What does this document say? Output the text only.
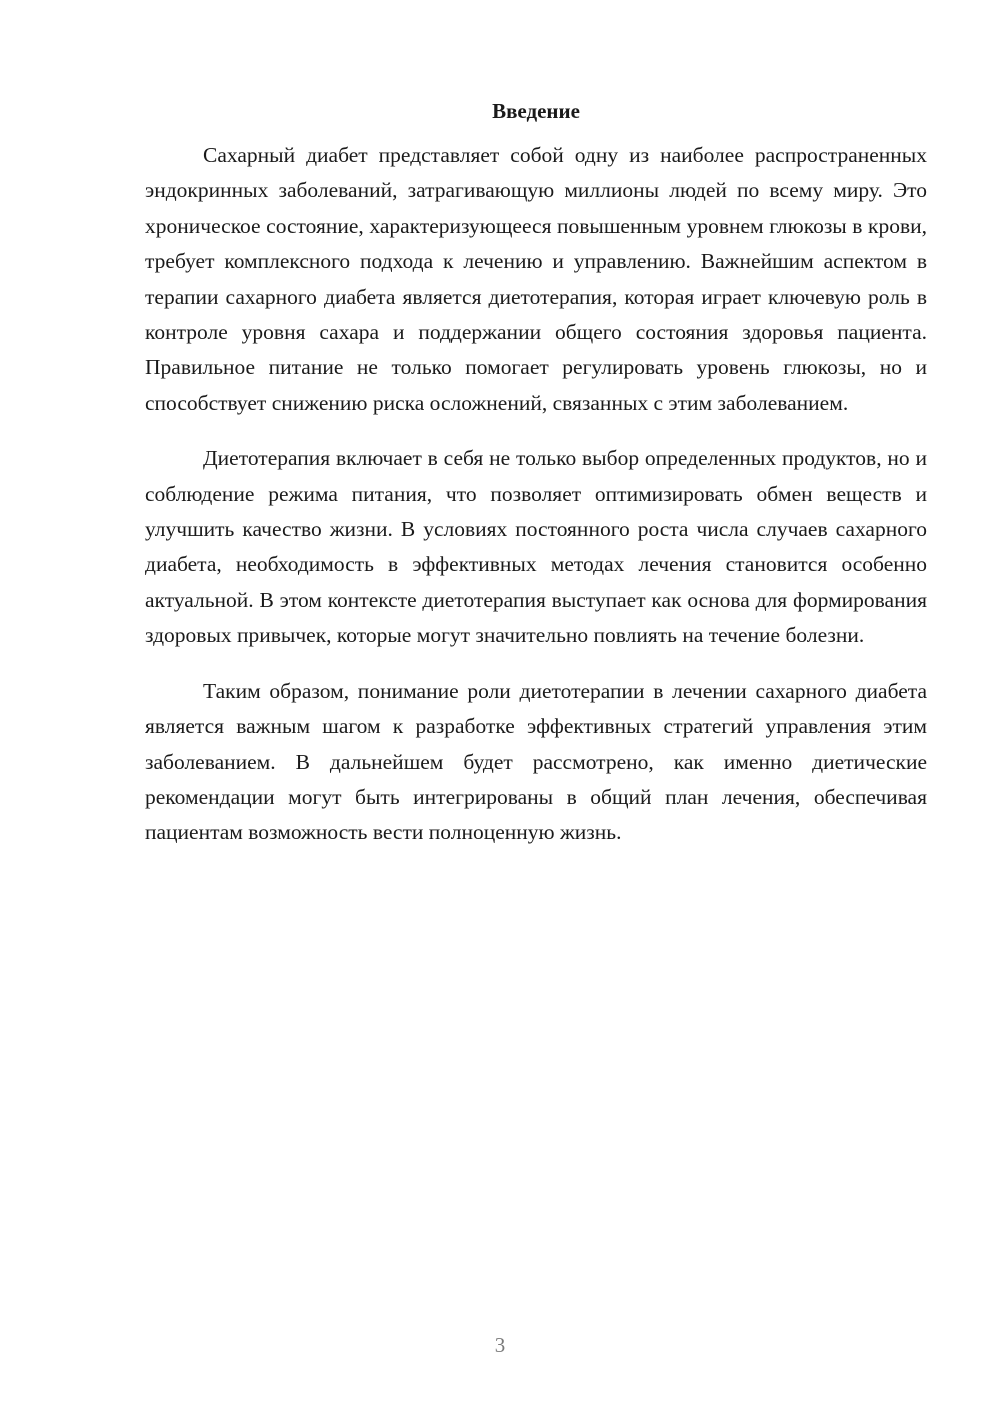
Введение

Сахарный диабет представляет собой одну из наиболее распространенных эндокринных заболеваний, затрагивающую миллионы людей по всему миру. Это хроническое состояние, характеризующееся повышенным уровнем глюкозы в крови, требует комплексного подхода к лечению и управлению. Важнейшим аспектом в терапии сахарного диабета является диетотерапия, которая играет ключевую роль в контроле уровня сахара и поддержании общего состояния здоровья пациента. Правильное питание не только помогает регулировать уровень глюкозы, но и способствует снижению риска осложнений, связанных с этим заболеванием.

Диетотерапия включает в себя не только выбор определенных продуктов, но и соблюдение режима питания, что позволяет оптимизировать обмен веществ и улучшить качество жизни. В условиях постоянного роста числа случаев сахарного диабета, необходимость в эффективных методах лечения становится особенно актуальной. В этом контексте диетотерапия выступает как основа для формирования здоровых привычек, которые могут значительно повлиять на течение болезни.

Таким образом, понимание роли диетотерапии в лечении сахарного диабета является важным шагом к разработке эффективных стратегий управления этим заболеванием. В дальнейшем будет рассмотрено, как именно диетические рекомендации могут быть интегрированы в общий план лечения, обеспечивая пациентам возможность вести полноценную жизнь.

3
